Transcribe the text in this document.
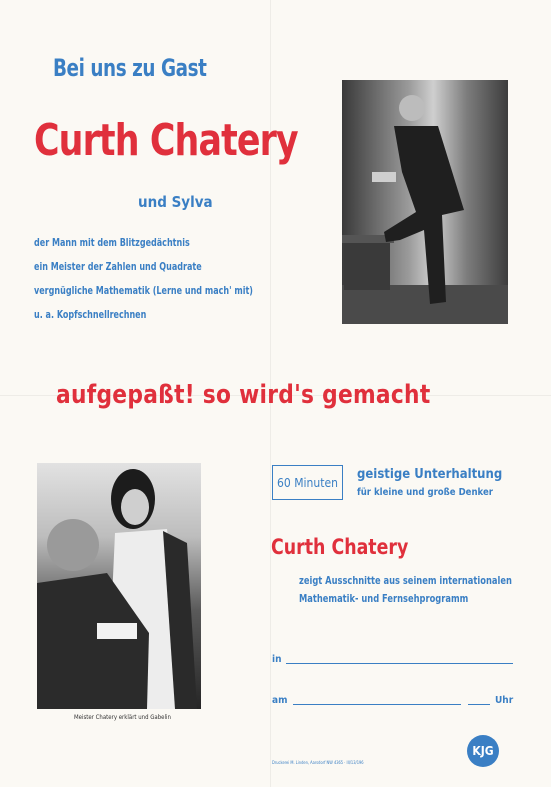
Bei uns zu Gast
Curth Chatery
und Sylva
der Mann mit dem Blitzgedächtnis
ein Meister der Zahlen und Quadrate
vergnügliche Mathematik (Lerne und mach' mit)
u. a. Kopfschnellrechnen
aufgepaßt! so wird's gemacht
Meister Chatery erklärt und Gabelin
60 Minuten
geistige Unterhaltung
für kleine und große Denker
Curth Chatery
zeigt Ausschnitte aus seinem internationalen
Mathematik- und Fernsehprogramm
in
am	Uhr
Druckerei M. Linden, Aarsdorf NW 4365 · III/13/196
KJG
